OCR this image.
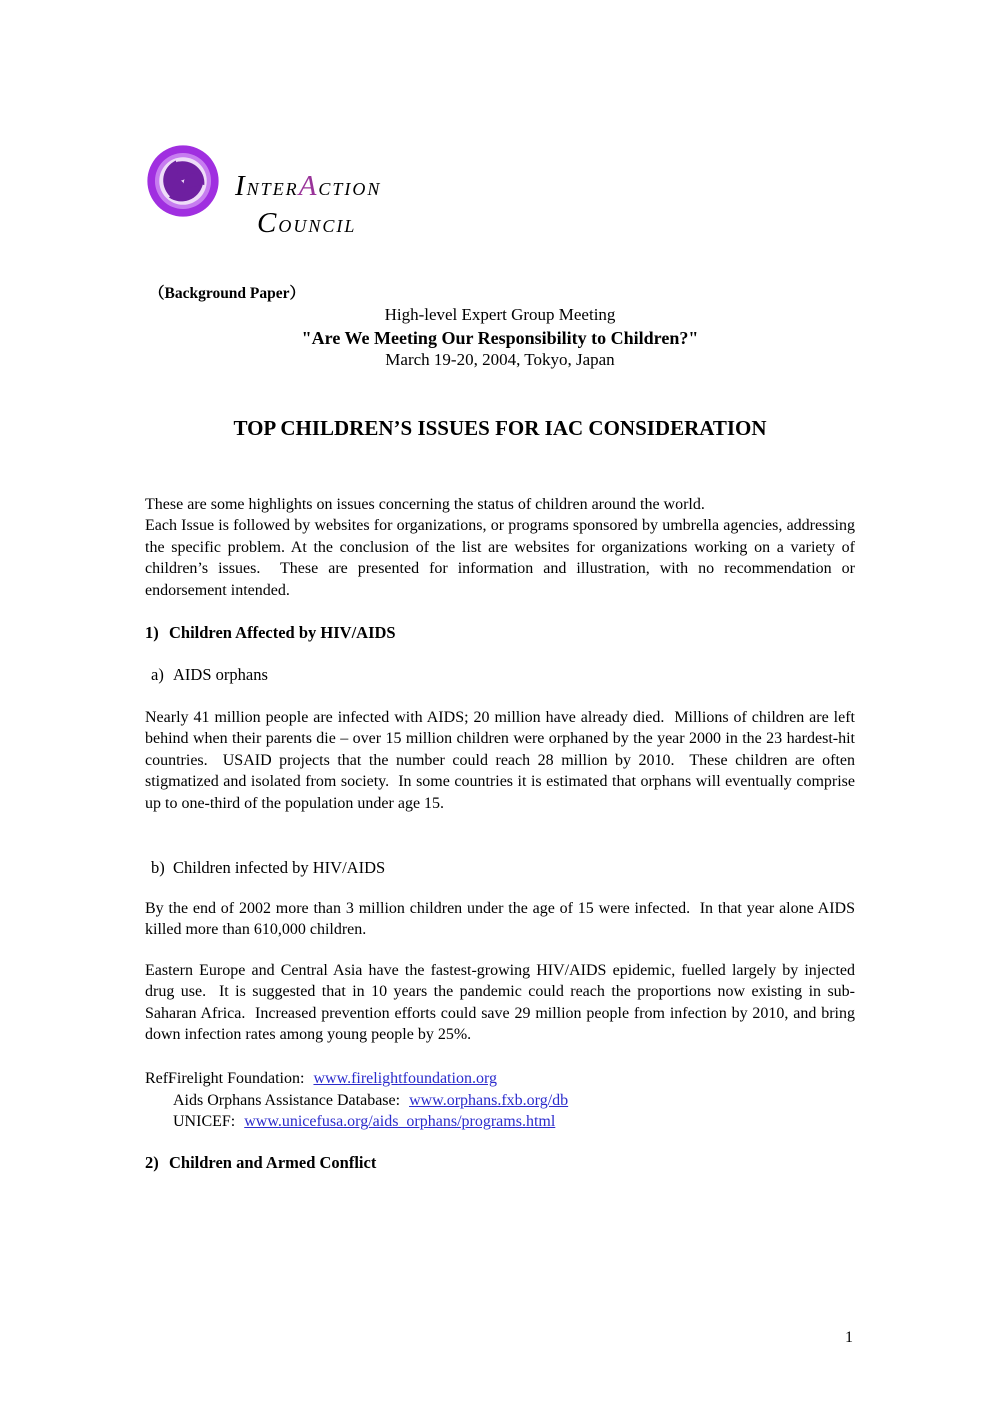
INTERACTION
COUNCIL
（Background Paper）
High-level Expert Group Meeting
"Are We Meeting Our Responsibility to Children?"
March 19-20, 2004, Tokyo, Japan
TOP CHILDREN’S ISSUES FOR IAC CONSIDERATION
These are some highlights on issues concerning the status of children around the world.
Each Issue is followed by websites for organizations, or programs sponsored by umbrella agencies, addressing the specific problem. At the conclusion of the list are websites for organizations working on a variety of children’s issues.  These are presented for information and illustration, with no recommendation or endorsement intended.
1) Children Affected by HIV/AIDS
a) AIDS orphans

Nearly 41 million people are infected with AIDS; 20 million have already died.  Millions of children are left behind when their parents die – over 15 million children were orphaned by the year 2000 in the 23 hardest-hit countries.  USAID projects that the number could reach 28 million by 2010.  These children are often stigmatized and isolated from society.  In some countries it is estimated that orphans will eventually comprise up to one-third of the population under age 15.

b) Children infected by HIV/AIDS

By the end of 2002 more than 3 million children under the age of 15 were infected.  In that year alone AIDS killed more than 610,000 children.

Eastern Europe and Central Asia have the fastest-growing HIV/AIDS epidemic, fuelled largely by injected drug use.  It is suggested that in 10 years the pandemic could reach the proportions now existing in sub-Saharan Africa.  Increased prevention efforts could save 29 million people from infection by 2010, and bring down infection rates among young people by 25%.

Ref:Firelight Foundation: www.firelightfoundation.org
Aids Orphans Assistance Database: www.orphans.fxb.org/db
UNICEF: www.unicefusa.org/aids_orphans/programs.html
2) Children and Armed Conflict
1
